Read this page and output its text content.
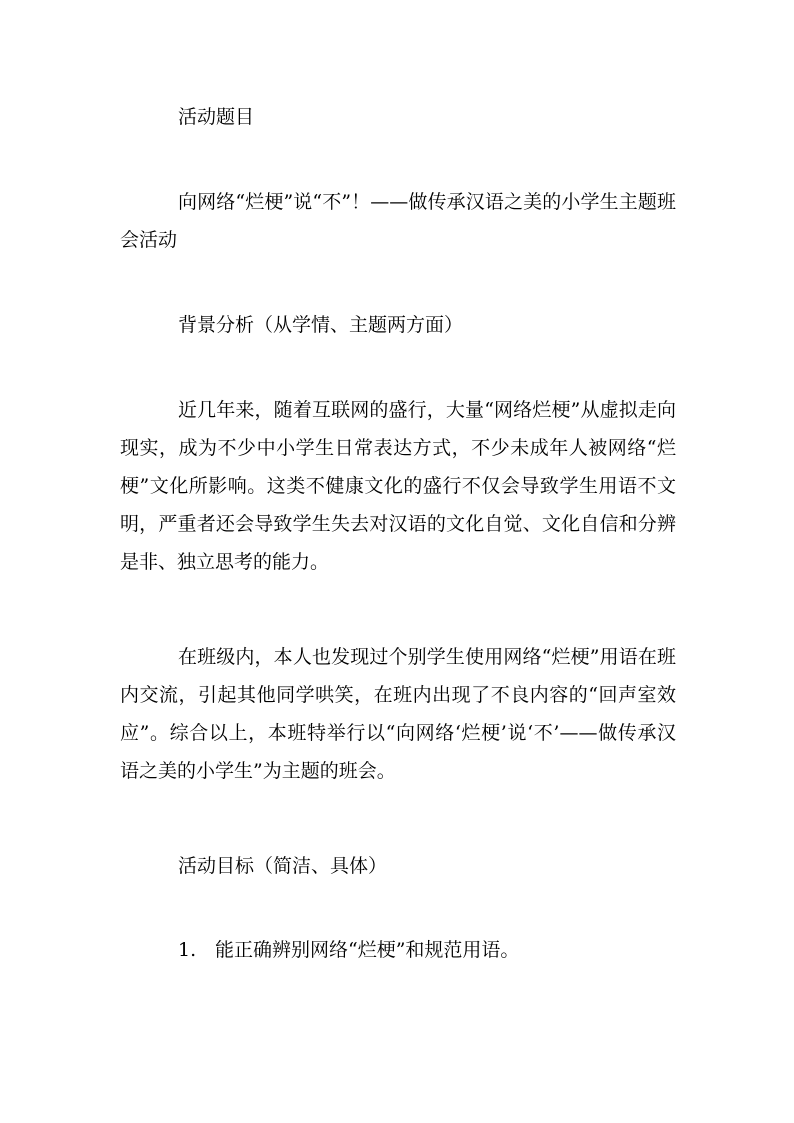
活动题目

向网络“烂梗”说“不”！——做传承汉语之美的小学生主题班会活动

背景分析（从学情、主题两方面）

近几年来，随着互联网的盛行，大量“网络烂梗”从虚拟走向现实，成为不少中小学生日常表达方式，不少未成年人被网络“烂梗”文化所影响。这类不健康文化的盛行不仅会导致学生用语不文明，严重者还会导致学生失去对汉语的文化自觉、文化自信和分辨是非、独立思考的能力。

在班级内，本人也发现过个别学生使用网络“烂梗”用语在班内交流，引起其他同学哄笑，在班内出现了不良内容的“回声室效应”。综合以上，本班特举行以“向网络‘烂梗’说‘不’——做传承汉语之美的小学生”为主题的班会。

活动目标（简洁、具体）

1. 能正确辨别网络“烂梗”和规范用语。
